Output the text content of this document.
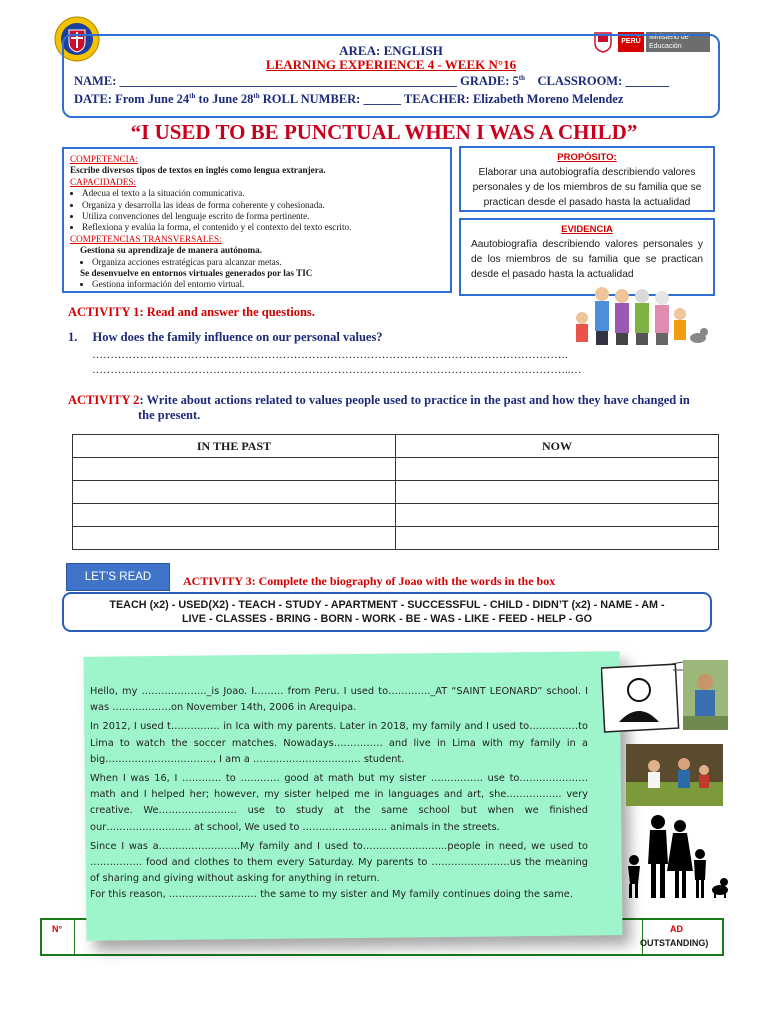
PERÚ
Ministerio de Educación
AREA: ENGLISH
LEARNING EXPERIENCE 4 - WEEK N°16
NAME: ______________________________________________________ GRADE: 5th CLASSROOM: _______
DATE: From June 24th to June 28th ROLL NUMBER: ______ TEACHER: Elizabeth Moreno Melendez
“I USED TO BE PUNCTUAL WHEN I WAS A CHILD”
COMPETENCIA:
Escribe diversos tipos de textos en inglés como lengua extranjera.
CAPACIDADES:
• Adecua el texto a la situación comunicativa.
• Organiza y desarrolla las ideas de forma coherente y cohesionada.
• Utiliza convenciones del lenguaje escrito de forma pertinente.
• Reflexiona y evalúa la forma, el contenido y el contexto del texto escrito.
COMPETENCIAS TRANSVERSALES:
Gestiona su aprendizaje de manera autónoma.
• Organiza acciones estratégicas para alcanzar metas.
Se desenvuelve en entornos virtuales generados por las TIC
• Gestiona información del entorno virtual.
PROPÓSITO:
Elaborar una autobiografía describiendo valores personales y de los miembros de su familia que se practican desde el pasado hasta la actualidad
EVIDENCIA
Aautobiografía describiendo valores personales y de los miembros de su familia que se practican desde el pasado hasta la actualidad
ACTIVITY 1: Read and answer the questions.
1. How does the family influence on our personal values?
………………………………………………………………………………………………………………….
…………………………………………………………………………………………………………………..…
ACTIVITY 2: Write about actions related to values people used to practice in the past and how they have changed in
the present.
IN THE PAST	NOW

LET’S READ	ACTIVITY 3: Complete the biography of Joao with the words in the box
TEACH (x2) - USED(X2) - TEACH - STUDY - APARTMENT - SUCCESSFUL - CHILD - DIDN’T (x2) - NAME - AM -
LIVE - CLASSES - BRING - BORN - WORK - BE - WAS - LIKE - FEED - HELP - GO
N°	AD
OUTSTANDING)

Hello, my ……………….._is Joao. I……… from Peru. I used to…………._AT “SAINT LEONARD” school. I was ………………on November 14th, 2006 in Arequipa.

In 2012, I used t…………… in Ica with my parents. Later in 2018, my family and I used to……………to Lima to watch the soccer matches. Nowadays…………… and live in Lima with my family in a big……………………………, I am a …………………………… student.

When I was 16, I ………… to ………… good at math but my sister ……………. use to…………………math and I helped her; however, my sister helped me in languages and art, she…………….. very creative. We…………………… use to study at the same school but when we finished our…………………….. at school, We used to …………………….. animals in the streets.

Since I was a…………………….My family and I used to……………………..people in need, we used to ……………. food and clothes to them every Saturday. My parents to ……………………us the meaning of sharing and giving without asking for anything in return.

For this reason, ……………………… the same to my sister and My family continues doing the same.
